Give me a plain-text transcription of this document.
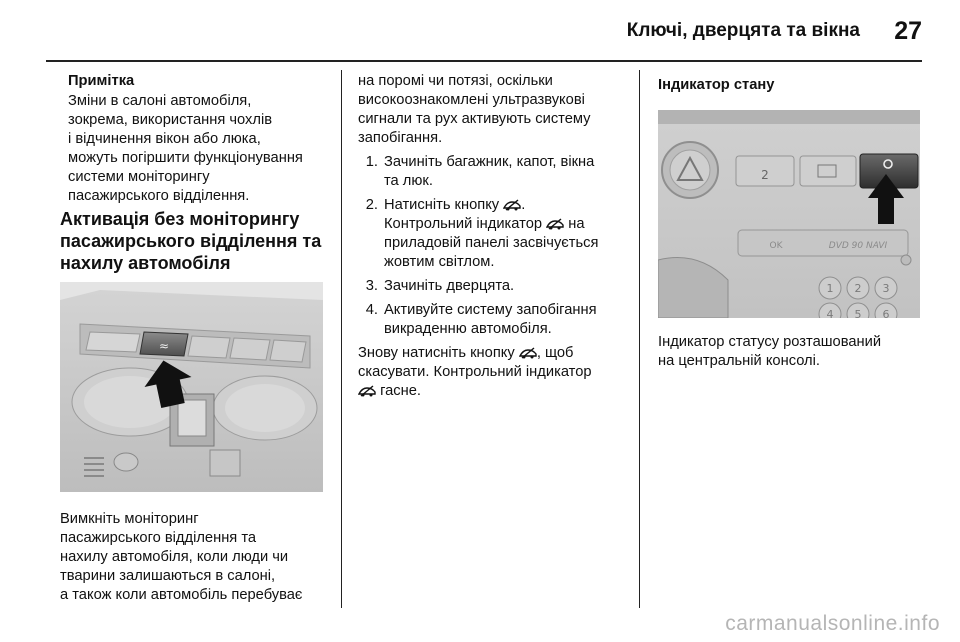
Ключі, дверцята та вікна 27
Примітка
Зміни в салоні автомобіля,
зокрема, використання чохлів
і відчинення вікон або люка,
можуть погіршити функціонування
системи моніторингу
пасажирського відділення.
Активація без моніторингу
пасажирського відділення та
нахилу автомобіля
≈
Вимкніть моніторинг
пасажирського відділення та
нахилу автомобіля, коли люди чи
тварини залишаються в салоні,
а також коли автомобіль перебуває
на поромі чи потязі, оскільки
високоознакомлені ультразвукові
сигнали та рух активують систему
запобігання.
1. Зачиніть багажник, капот, вікна
та люк.
2. Натисніть кнопку .
Контрольний індикатор  на
приладовій панелі засвічується
жовтим світлом.
3. Зачиніть дверцята.
4. Активуйте систему запобігання
викраденню автомобіля.
Знову натисніть кнопку , щоб
скасувати. Контрольний індикатор
гасне.
Індикатор стану
2
OK	DVD 90 NAVI
1 2 3
4 5 6
Індикатор статусу розташований
на центральній консолі.
carmanualsonline.info
